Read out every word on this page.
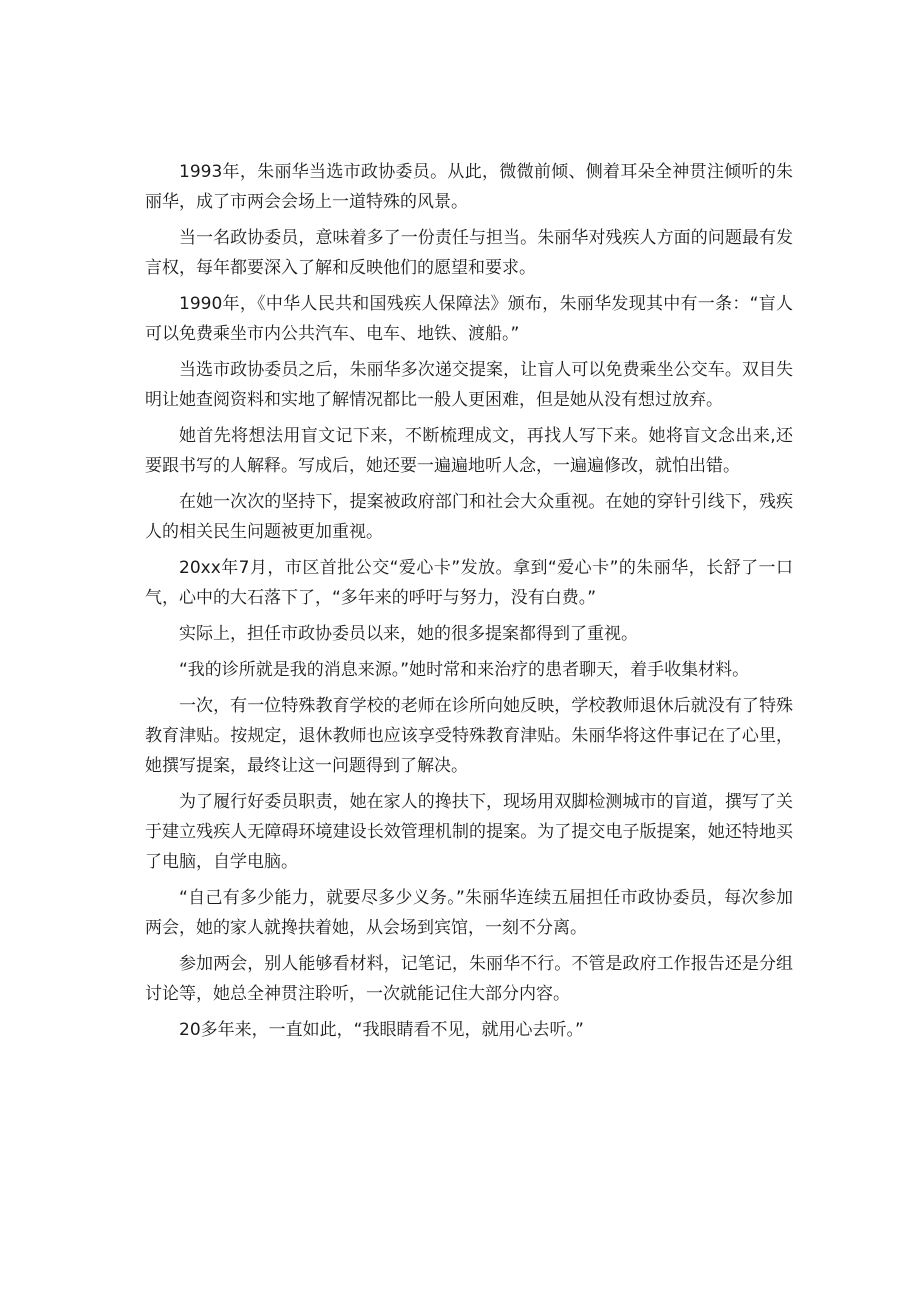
1993年，朱丽华当选市政协委员。从此，微微前倾、侧着耳朵全神贯注倾听的朱丽华，成了市两会会场上一道特殊的风景。

当一名政协委员，意味着多了一份责任与担当。朱丽华对残疾人方面的问题最有发言权，每年都要深入了解和反映他们的愿望和要求。

1990年，《中华人民共和国残疾人保障法》颁布，朱丽华发现其中有一条：“盲人可以免费乘坐市内公共汽车、电车、地铁、渡船。”

当选市政协委员之后，朱丽华多次递交提案，让盲人可以免费乘坐公交车。双目失明让她查阅资料和实地了解情况都比一般人更困难，但是她从没有想过放弃。

她首先将想法用盲文记下来，不断梳理成文，再找人写下来。她将盲文念出来,还要跟书写的人解释。写成后，她还要一遍遍地听人念，一遍遍修改，就怕出错。

在她一次次的坚持下，提案被政府部门和社会大众重视。在她的穿针引线下，残疾人的相关民生问题被更加重视。

20xx年7月，市区首批公交“爱心卡”发放。拿到“爱心卡”的朱丽华，长舒了一口气，心中的大石落下了，“多年来的呼吁与努力，没有白费。”

实际上，担任市政协委员以来，她的很多提案都得到了重视。

“我的诊所就是我的消息来源。”她时常和来治疗的患者聊天，着手收集材料。

一次，有一位特殊教育学校的老师在诊所向她反映，学校教师退休后就没有了特殊教育津贴。按规定，退休教师也应该享受特殊教育津贴。朱丽华将这件事记在了心里，她撰写提案，最终让这一问题得到了解决。

为了履行好委员职责，她在家人的搀扶下，现场用双脚检测城市的盲道，撰写了关于建立残疾人无障碍环境建设长效管理机制的提案。为了提交电子版提案，她还特地买了电脑，自学电脑。

“自己有多少能力，就要尽多少义务。”朱丽华连续五届担任市政协委员，每次参加两会，她的家人就搀扶着她，从会场到宾馆，一刻不分离。

参加两会，别人能够看材料，记笔记，朱丽华不行。不管是政府工作报告还是分组讨论等，她总全神贯注聆听，一次就能记住大部分内容。

20多年来，一直如此，“我眼睛看不见，就用心去听。”
